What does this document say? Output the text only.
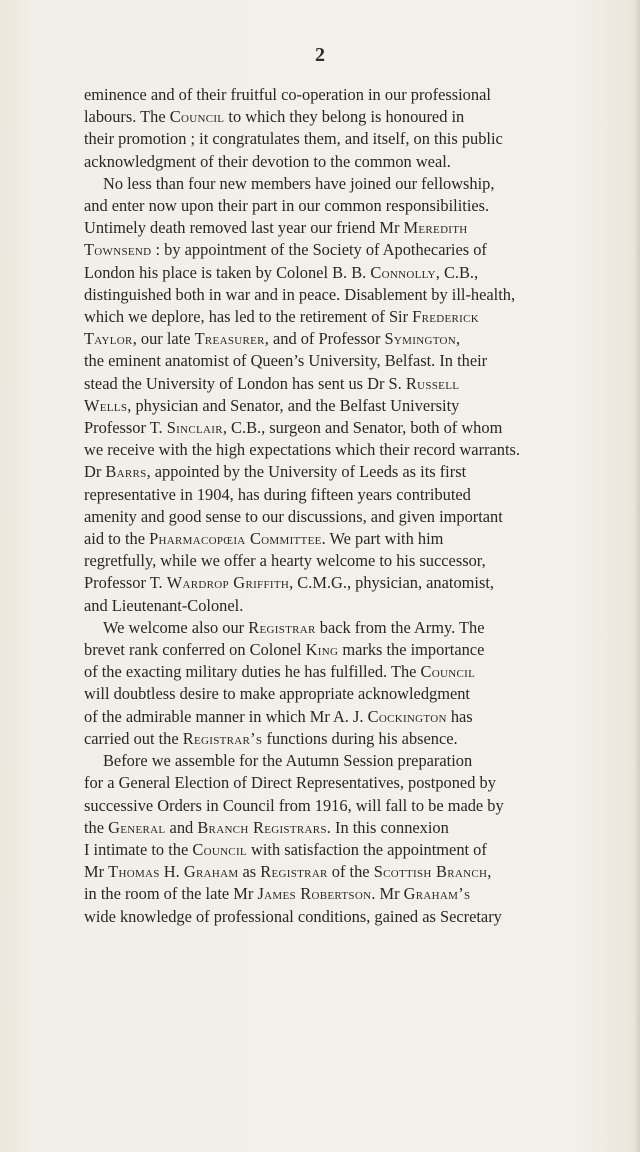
2
eminence and of their fruitful co-operation in our professional
labours. The Council to which they belong is honoured in
their promotion ; it congratulates them, and itself, on this public
acknowledgment of their devotion to the common weal.
No less than four new members have joined our fellowship,
and enter now upon their part in our common responsibilities.
Untimely death removed last year our friend Mr Meredith
Townsend : by appointment of the Society of Apothecaries of
London his place is taken by Colonel B. B. Connolly, C.B.,
distinguished both in war and in peace. Disablement by ill-health,
which we deplore, has led to the retirement of Sir Frederick
Taylor, our late Treasurer, and of Professor Symington,
the eminent anatomist of Queen’s University, Belfast. In their
stead the University of London has sent us Dr S. Russell
Wells, physician and Senator, and the Belfast University
Professor T. Sinclair, C.B., surgeon and Senator, both of whom
we receive with the high expectations which their record warrants.
Dr Barrs, appointed by the University of Leeds as its first
representative in 1904, has during fifteen years contributed
amenity and good sense to our discussions, and given important
aid to the Pharmacopœia Committee. We part with him
regretfully, while we offer a hearty welcome to his successor,
Professor T. Wardrop Griffith, C.M.G., physician, anatomist,
and Lieutenant-Colonel.
We welcome also our Registrar back from the Army. The
brevet rank conferred on Colonel King marks the importance
of the exacting military duties he has fulfilled. The Council
will doubtless desire to make appropriate acknowledgment
of the admirable manner in which Mr A. J. Cockington has
carried out the Registrar’s functions during his absence.
Before we assemble for the Autumn Session preparation
for a General Election of Direct Representatives, postponed by
successive Orders in Council from 1916, will fall to be made by
the General and Branch Registrars. In this connexion
I intimate to the Council with satisfaction the appointment of
Mr Thomas H. Graham as Registrar of the Scottish Branch,
in the room of the late Mr James Robertson. Mr Graham’s
wide knowledge of professional conditions, gained as Secretary
